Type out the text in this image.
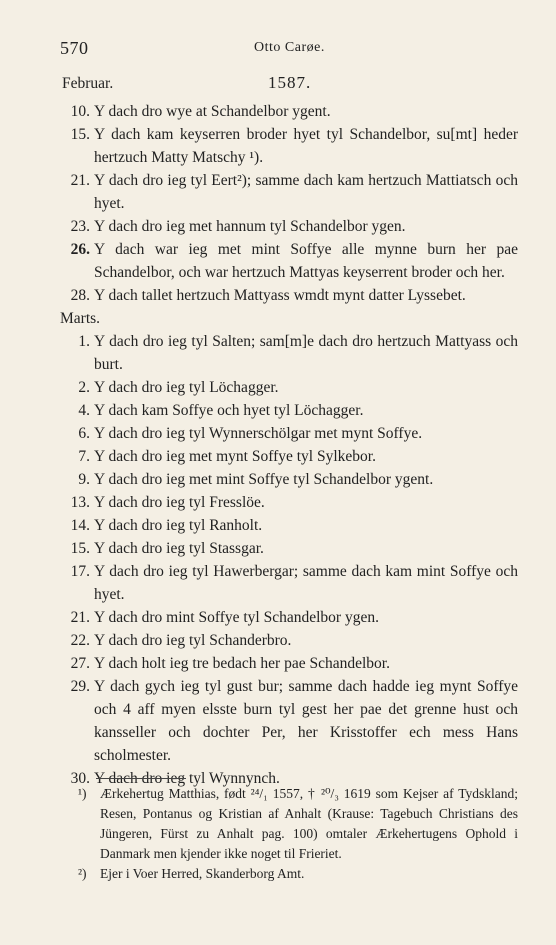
570	Otto Carøe.
Februar.	1587.
10. Y dach dro wye at Schandelbor ygent.
15. Y dach kam keyserren broder hyet tyl Schandelbor, su[mt] heder hertzuch Matty Matschy ¹).
21. Y dach dro ieg tyl Eert²); samme dach kam hertzuch Mattiatsch och hyet.
23. Y dach dro ieg met hannum tyl Schandelbor ygen.
26. Y dach war ieg met mint Soffye alle mynne burn her pae Schandelbor, och war hertzuch Mattyas keyserrent broder och her.
28. Y dach tallet hertzuch Mattyass wmdt mynt datter Lyssebet.
Marts.
1. Y dach dro ieg tyl Salten; sam[m]e dach dro hertzuch Mattyass och burt.
2. Y dach dro ieg tyl Löchagger.
4. Y dach kam Soffye och hyet tyl Löchagger.
6. Y dach dro ieg tyl Wynnerschölgar met mynt Soffye.
7. Y dach dro ieg met mynt Soffye tyl Sylkebor.
9. Y dach dro ieg met mint Soffye tyl Schandelbor ygent.
13. Y dach dro ieg tyl Fresslöe.
14. Y dach dro ieg tyl Ranholt.
15. Y dach dro ieg tyl Stassgar.
17. Y dach dro ieg tyl Hawerbergar; samme dach kam mint Soffye och hyet.
21. Y dach dro mint Soffye tyl Schandelbor ygen.
22. Y dach dro ieg tyl Schanderbro.
27. Y dach holt ieg tre bedach her pae Schandelbor.
29. Y dach gych ieg tyl gust bur; samme dach hadde ieg mynt Soffye och 4 aff myen elsste burn tyl gest her pae det grenne hust och kansseller och dochter Per, her Krisstoffer ech mess Hans scholmester.
30. Y dach dro ieg tyl Wynnynch.
¹) Ærkehertug Matthias, født ²⁴/₁ 1557, † ²⁰/₃ 1619 som Kejser af Tydskland; Resen, Pontanus og Kristian af Anhalt (Krause: Tagebuch Christians des Jüngeren, Fürst zu Anhalt pag. 100) omtaler Ærkehertugens Ophold i Danmark men kjender ikke noget til Frieriet.
²) Ejer i Voer Herred, Skanderborg Amt.
